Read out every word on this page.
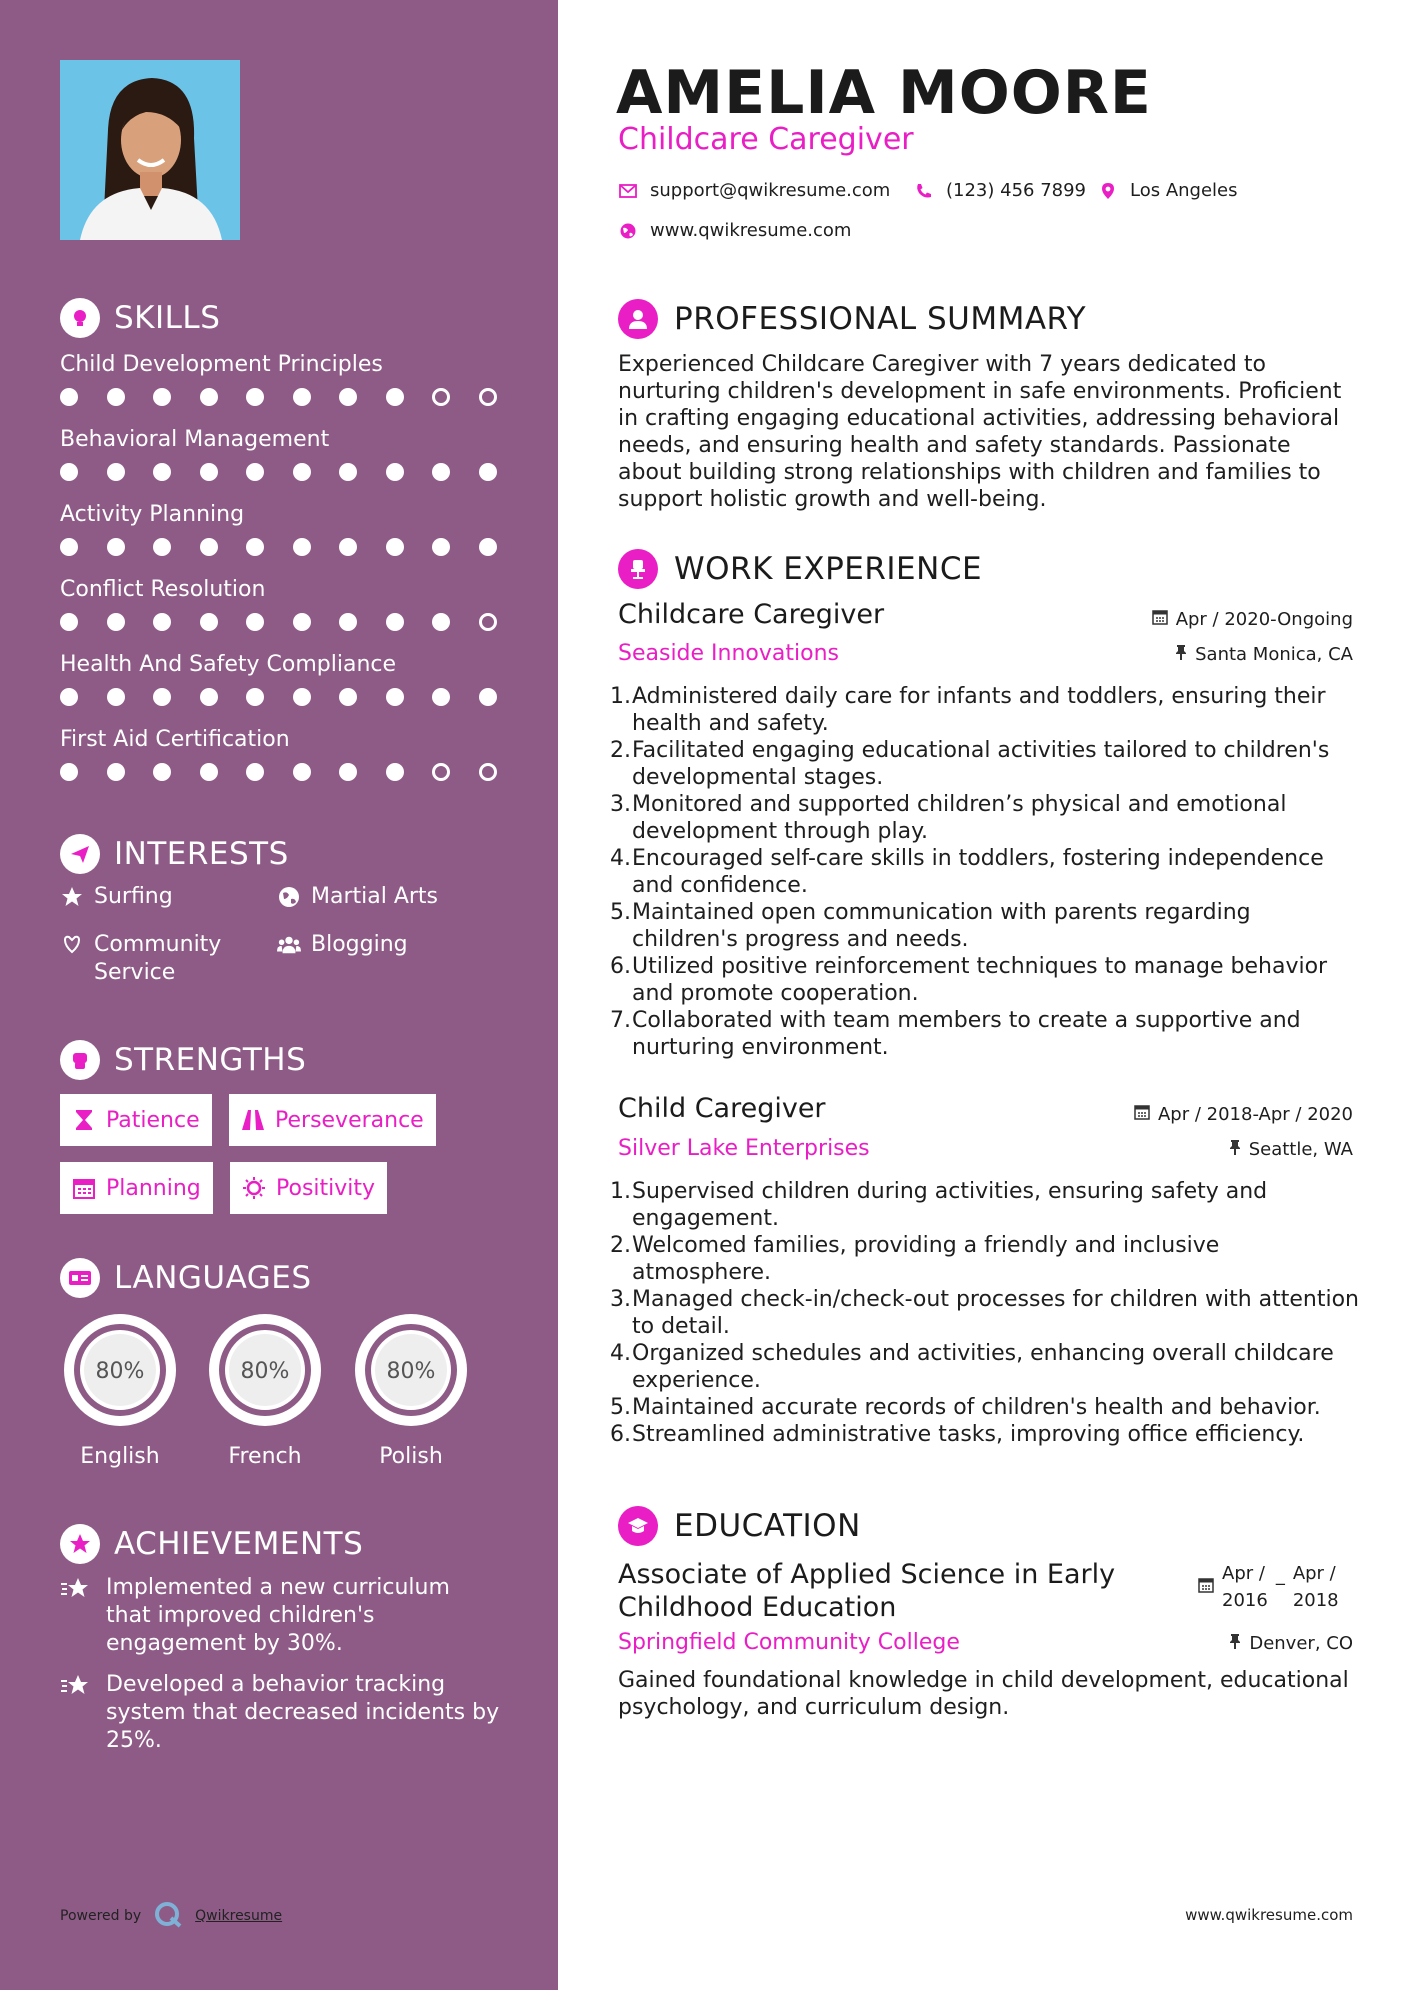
SKILLS
Child Development Principles
Behavioral Management
Activity Planning
Conflict Resolution
Health And Safety Compliance
First Aid Certification
INTERESTS
Surfing	Martial Arts
Community Service
Blogging
STRENGTHS
Patience	Perseverance
Planning	Positivity
LANGUAGES
80%
English
80%
French
80%
Polish
ACHIEVEMENTS
Implemented a new curriculum that improved children's engagement by 30%.
Developed a behavior tracking system that decreased incidents by 25%.
Powered by	Qwikresume
AMELIA MOORE
Childcare Caregiver
support@qwikresume.com	(123) 456 7899 Los Angeles
www.qwikresume.com
PROFESSIONAL SUMMARY
Experienced Childcare Caregiver with 7 years dedicated to nurturing children's development in safe environments. Proficient in crafting engaging educational activities, addressing behavioral needs, and ensuring health and safety standards. Passionate about building strong relationships with children and families to support holistic growth and well-being.
WORK EXPERIENCE
Childcare Caregiver	Apr / 2020-Ongoing
Seaside Innovations	Santa Monica, CA
1. Administered daily care for infants and toddlers, ensuring their health and safety.
2. Facilitated engaging educational activities tailored to children's developmental stages.
3. Monitored and supported children’s physical and emotional development through play.
4. Encouraged self-care skills in toddlers, fostering independence and confidence.
5. Maintained open communication with parents regarding children's progress and needs.
6. Utilized positive reinforcement techniques to manage behavior and promote cooperation.
7. Collaborated with team members to create a supportive and nurturing environment.
Child Caregiver	Apr / 2018-Apr / 2020
Silver Lake Enterprises	Seattle, WA
1. Supervised children during activities, ensuring safety and engagement.
2. Welcomed families, providing a friendly and inclusive atmosphere.
3. Managed check-in/check-out processes for children with attention to detail.
4. Organized schedules and activities, enhancing overall childcare experience.
5. Maintained accurate records of children's health and behavior.
6. Streamlined administrative tasks, improving office efficiency.
EDUCATION
Associate of Applied Science in Early Childhood Education
Apr /
2016
_ Apr /
2018
Springfield Community College	Denver, CO
Gained foundational knowledge in child development, educational psychology, and curriculum design.
www.qwikresume.com
